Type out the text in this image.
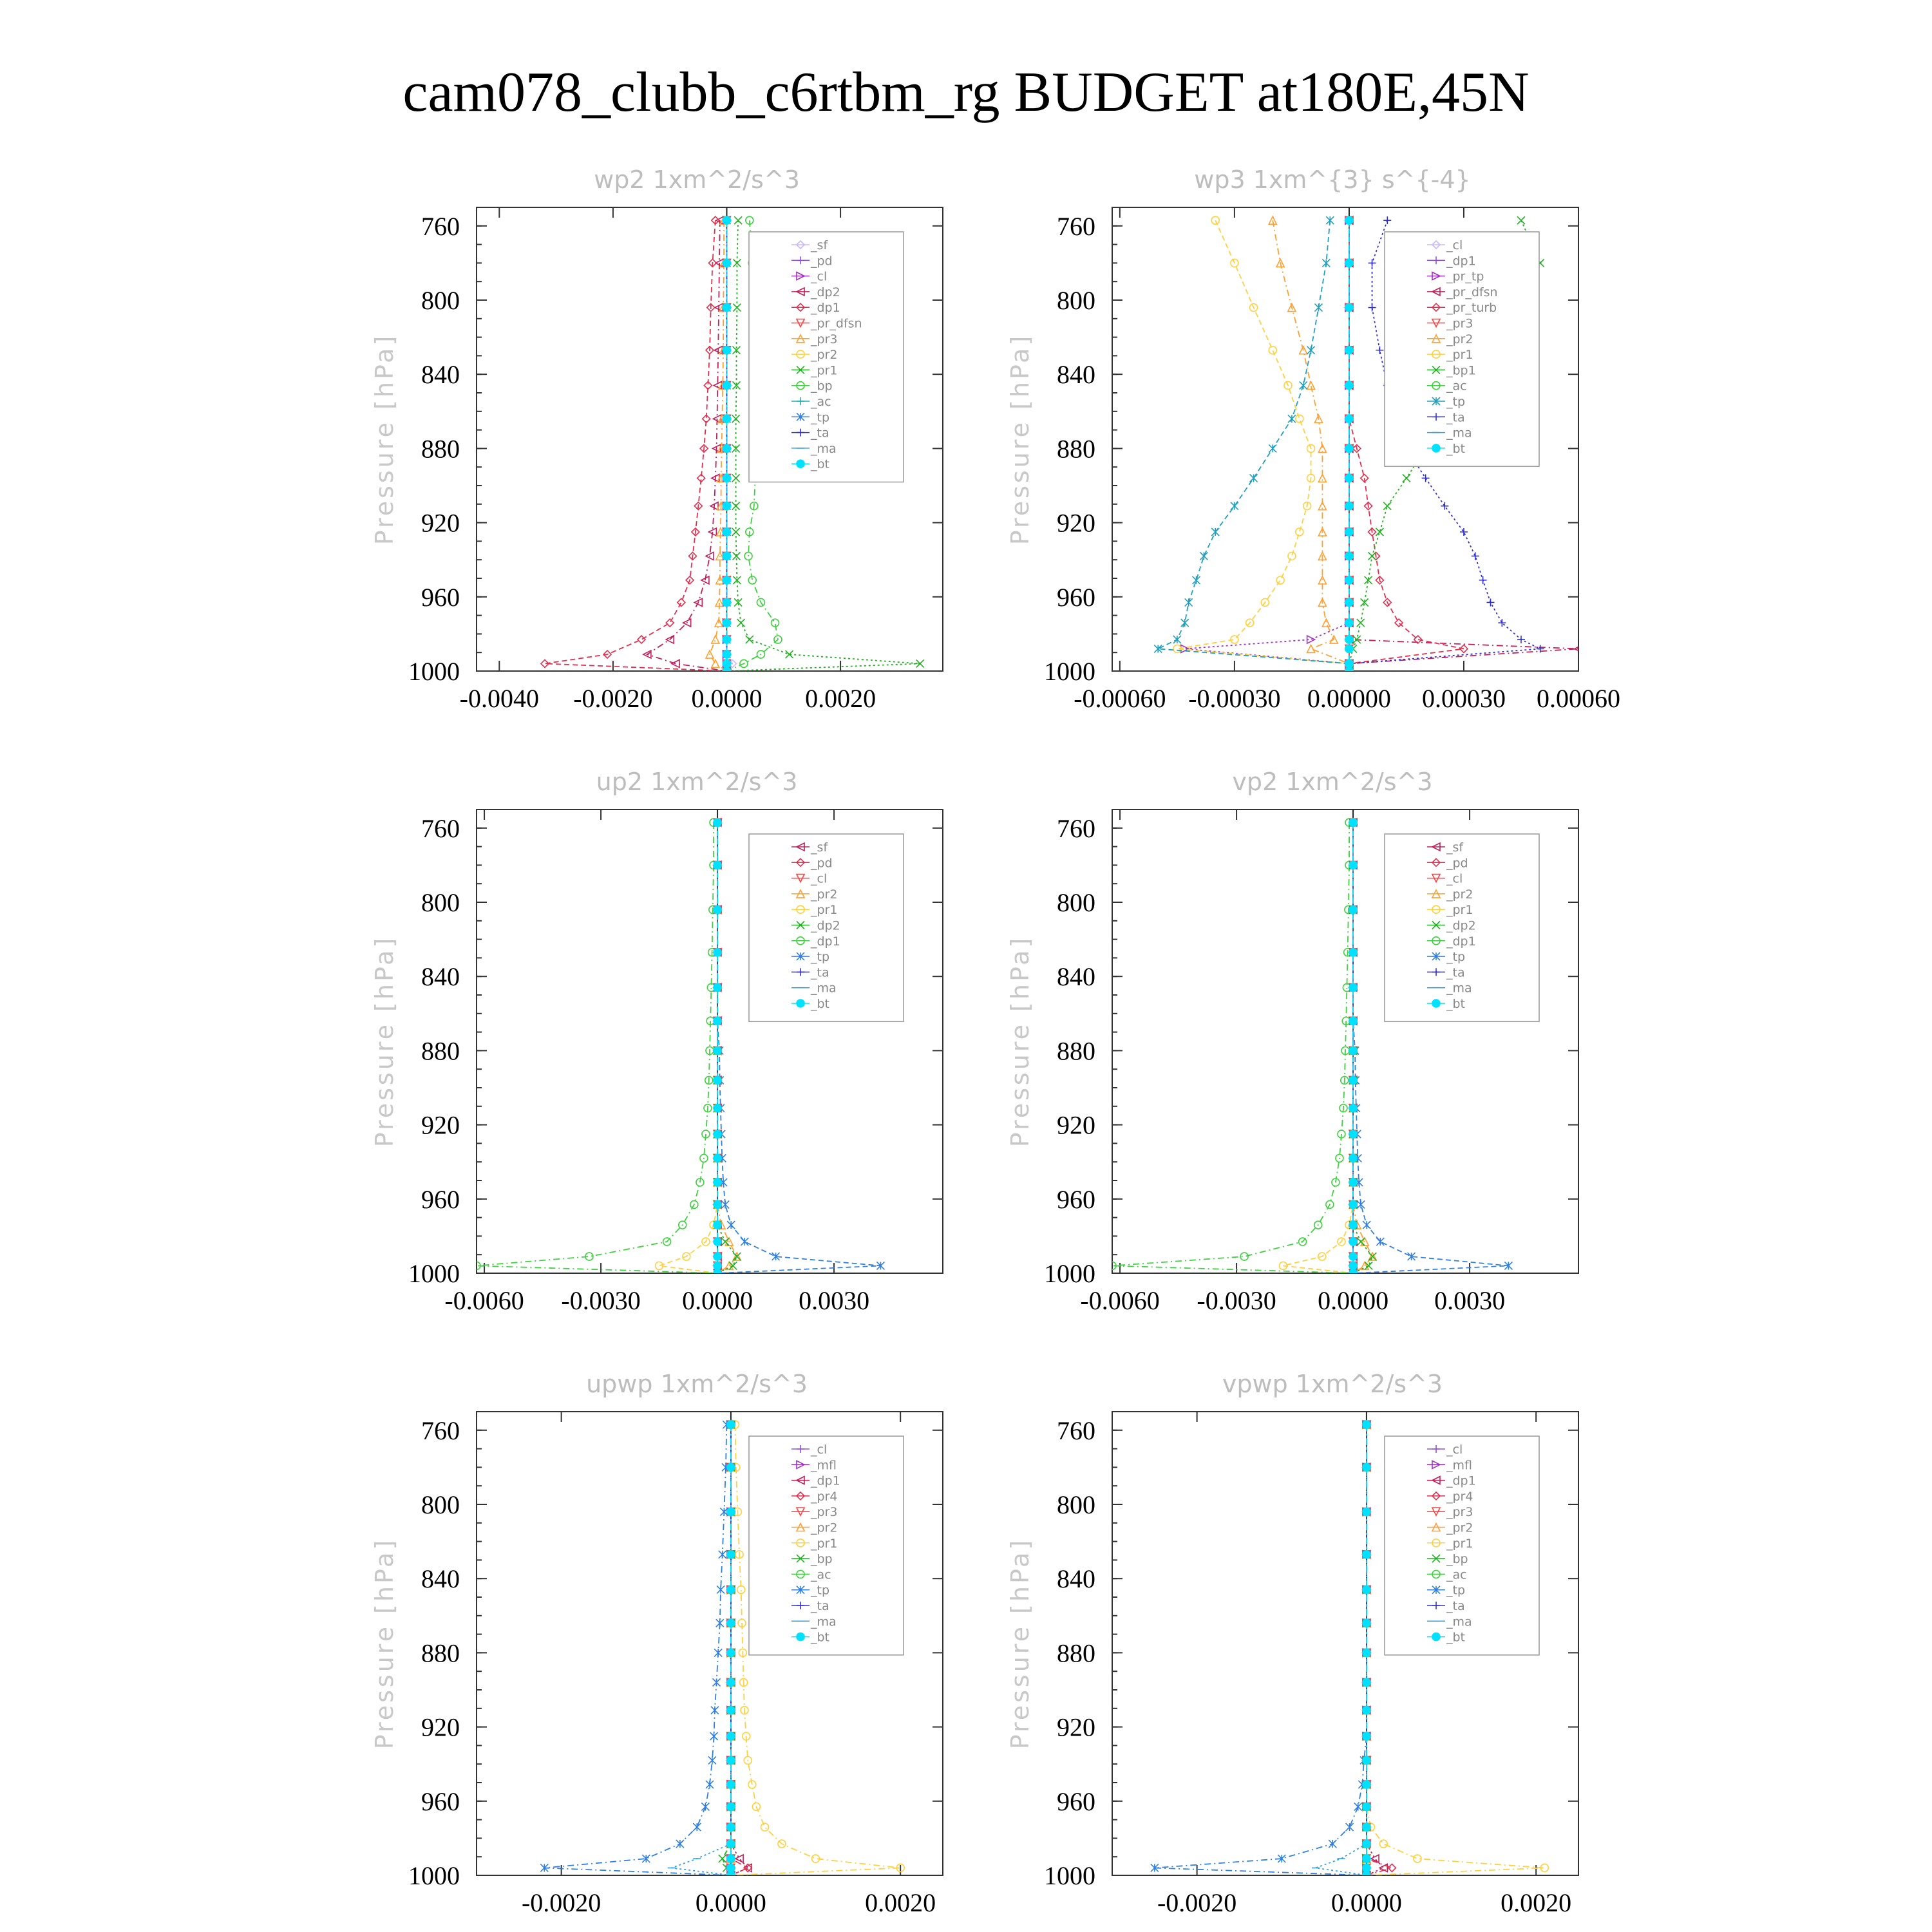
cam078_clubb_c6rtbm_rg BUDGET at180E,45N
wp2 1xm^2/s^3
Pressure [hPa]
760
800
840
880
920
960
1000
-0.0040 -0.0020 0.0000 0.0020
_sf
_pd
_cl
_dp2
_dp1
_pr_dfsn
_pr3
_pr2
_pr1
_bp
_ac
_tp
_ta
_ma
_bt
wp3 1xm^{3} s^{-4}
Pressure [hPa]
760
800
840
880
920
960
1000
-0.00060 -0.00030 0.00000 0.00030 0.00060
_cl
_dp1
_pr_tp
_pr_dfsn
_pr_turb
_pr3
_pr2
_pr1
_bp1
_ac
_tp
_ta
_ma
_bt
up2 1xm^2/s^3
Pressure [hPa]
760
800
840
880
920
960
1000
-0.0060 -0.0030 0.0000 0.0030
_sf
_pd
_cl
_pr2
_pr1
_dp2
_dp1
_tp
_ta
_ma
_bt
vp2 1xm^2/s^3
Pressure [hPa]
760
800
840
880
920
960
1000
-0.0060 -0.0030 0.0000 0.0030
_sf
_pd
_cl
_pr2
_pr1
_dp2
_dp1
_tp
_ta
_ma
_bt
upwp 1xm^2/s^3
Pressure [hPa]
760
800
840
880
920
960
1000
-0.0020	0.0000	0.0020
_cl
_mfl
_dp1
_pr4
_pr3
_pr2
_pr1
_bp
_ac
_tp
_ta
_ma
_bt
vpwp 1xm^2/s^3
Pressure [hPa]
760
800
840
880
920
960
1000
-0.0020	0.0000	0.0020
_cl
_mfl
_dp1
_pr4
_pr3
_pr2
_pr1
_bp
_ac
_tp
_ta
_ma
_bt
